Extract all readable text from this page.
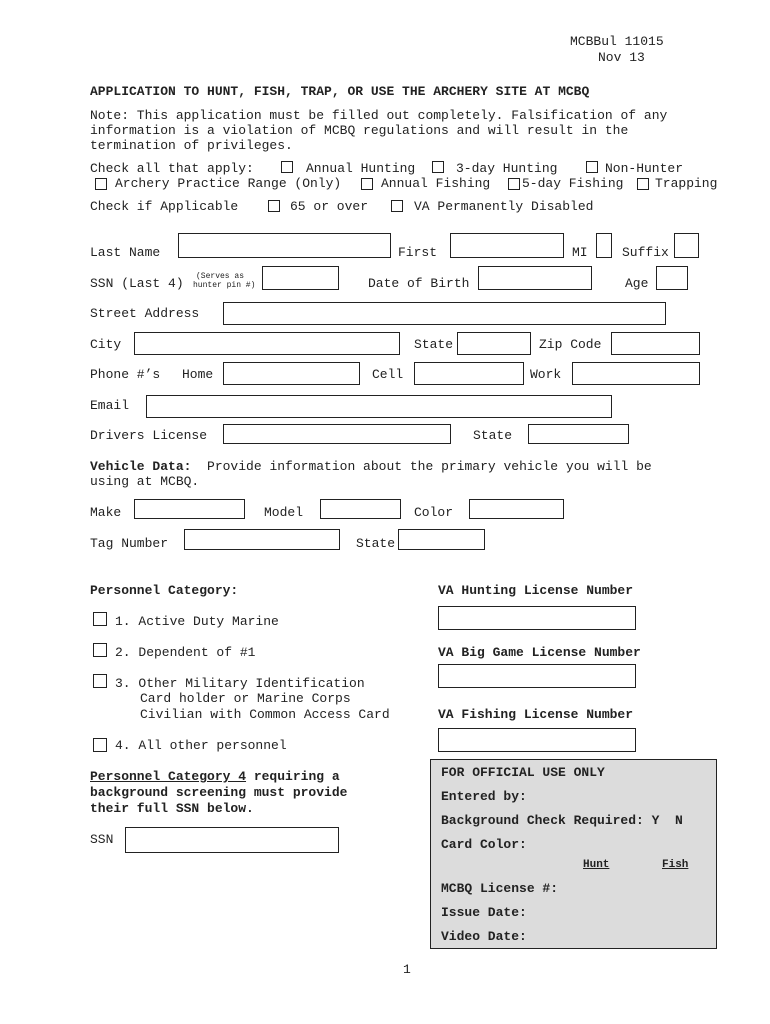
MCBBul 11015
Nov 13
APPLICATION TO HUNT, FISH, TRAP, OR USE THE ARCHERY SITE AT MCBQ
Note: This application must be filled out completely. Falsification of any
information is a violation of MCBQ regulations and will result in the
termination of privileges.
Check all that apply:	Annual Hunting	3-day Hunting	Non-Hunter
Archery Practice Range (Only)	Annual Fishing 5-day Fishing Trapping
Check if Applicable	65 or over	VA Permanently Disabled
Last Name	First	MI	Suffix
SSN (Last 4) (Serves as
hunter pin #)	Date of Birth	Age
Street Address
City	State	Zip Code
Phone #’s Home	Cell	Work
Email
Drivers License	State
Vehicle Data: Provide information about the primary vehicle you will be
using at MCBQ.
Make	Model	Color
Tag Number	State
Personnel Category:
1. Active Duty Marine
2. Dependent of #1
3. Other Military Identification
Card holder or Marine Corps
Civilian with Common Access Card
4. All other personnel
Personnel Category 4 requiring a
background screening must provide
their full SSN below.
SSN
VA Hunting License Number
VA Big Game License Number
VA Fishing License Number
FOR OFFICIAL USE ONLY
Entered by:
Background Check Required: Y  N
Card Color:
Hunt	Fish
MCBQ License #:
Issue Date:
Video Date:
1
